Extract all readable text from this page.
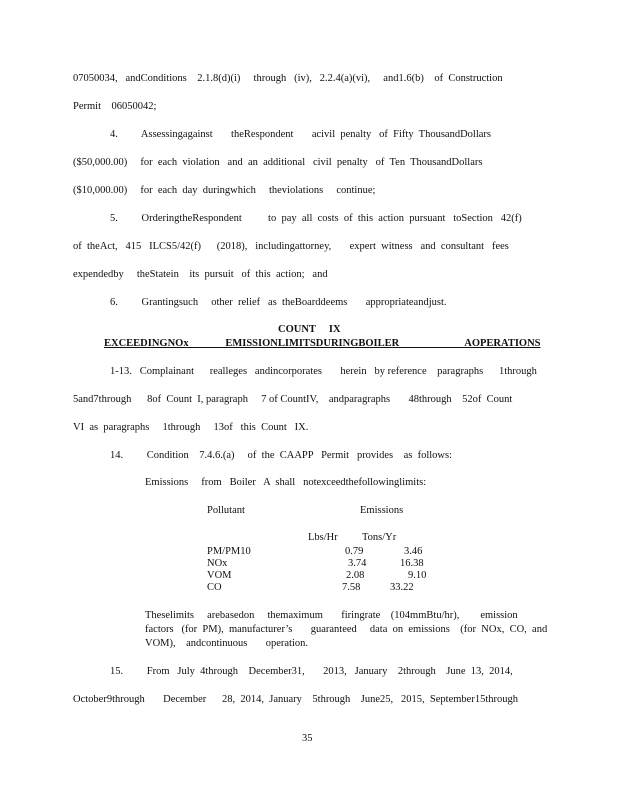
07050034,   andConditions    2.1.8(d)(i)     through   (iv),   2.2.4(a)(vi),     and1.6(b)    of  Construction
Permit    06050042;
4.         Assessingagainst       theRespondent       acivil  penalty   of  Fifty  ThousandDollars
($50,000.00)     for  each  violation   and  an  additional   civil  penalty   of  Ten  ThousandDollars
($10,000.00)     for  each  day  duringwhich     theviolations     continue;
5.         OrderingtheRespondent          to  pay  all  costs  of  this  action  pursuant   toSection   42(f)
of  theAct,   415   ILCS5/42(f)      (2018),   includingattorney,       expert  witness   and  consultant   fees
expendedby     theStatein    its  pursuit   of  this  action;   and
6.         Grantingsuch     other  relief   as  theBoarddeems       appropriateandjust.
COUNT     IX
EXCEEDINGNOx              EMISSIONLIMITSDURINGBOILER                         AOPERATIONS
1-13.   Complainant      realleges   andincorporates       herein   by reference    paragraphs      1through
5and7through      8of  Count  I, paragraph     7 of CountIV,    andparagraphs       48through    52of  Count
VI  as  paragraphs     1through     13of   this  Count   IX.
14.         Condition    7.4.6.(a)     of  the  CAAPP   Permit   provides    as  follows:
Emissions     from   Boiler   A  shall   notexceedthefollowinglimits:
Pollutant	Emissions
Lbs/Hr Tons/Yr
PM/PM10	0.79	3.46
NOx	3.74	16.38
VOM	2.08	9.10
CO	7.58	33.22
Theselimits     arebasedon     themaximum       firingrate    (104mmBtu/hr),        emission
factors   (for  PM),  manufacturer’s       guaranteed     data  on  emissions    (for  NOx,  CO,  and
VOM),    andcontinuous       operation.
15.         From   July  4through    December31,       2013,   January    2through    June  13,  2014,
October9through       December      28,  2014,  January    5through    June25,   2015,  September15through
35
